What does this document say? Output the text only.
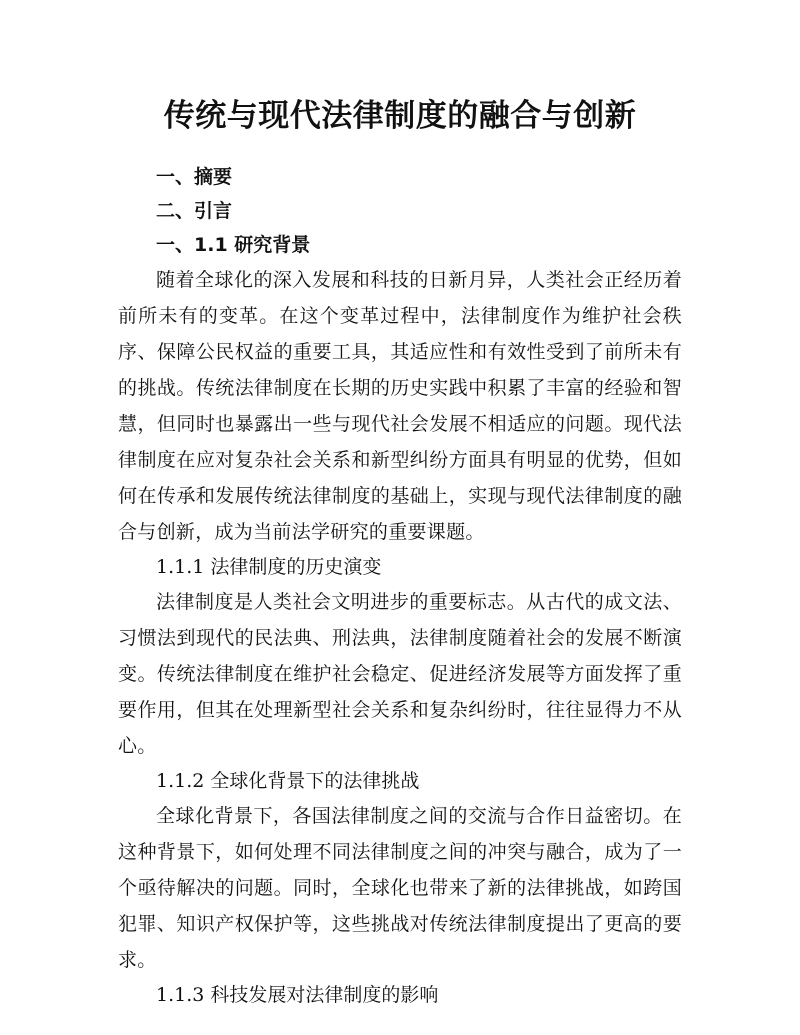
传统与现代法律制度的融合与创新
一、摘要
二、引言
一、1.1 研究背景

随着全球化的深入发展和科技的日新月异，人类社会正经历着前所未有的变革。在这个变革过程中，法律制度作为维护社会秩序、保障公民权益的重要工具，其适应性和有效性受到了前所未有的挑战。传统法律制度在长期的历史实践中积累了丰富的经验和智慧，但同时也暴露出一些与现代社会发展不相适应的问题。现代法律制度在应对复杂社会关系和新型纠纷方面具有明显的优势，但如何在传承和发展传统法律制度的基础上，实现与现代法律制度的融合与创新，成为当前法学研究的重要课题。

1.1.1 法律制度的历史演变

法律制度是人类社会文明进步的重要标志。从古代的成文法、习惯法到现代的民法典、刑法典，法律制度随着社会的发展不断演变。传统法律制度在维护社会稳定、促进经济发展等方面发挥了重要作用，但其在处理新型社会关系和复杂纠纷时，往往显得力不从心。

1.1.2 全球化背景下的法律挑战

全球化背景下，各国法律制度之间的交流与合作日益密切。在这种背景下，如何处理不同法律制度之间的冲突与融合，成为了一个亟待解决的问题。同时，全球化也带来了新的法律挑战，如跨国犯罪、知识产权保护等，这些挑战对传统法律制度提出了更高的要求。

1.1.3 科技发展对法律制度的影响
